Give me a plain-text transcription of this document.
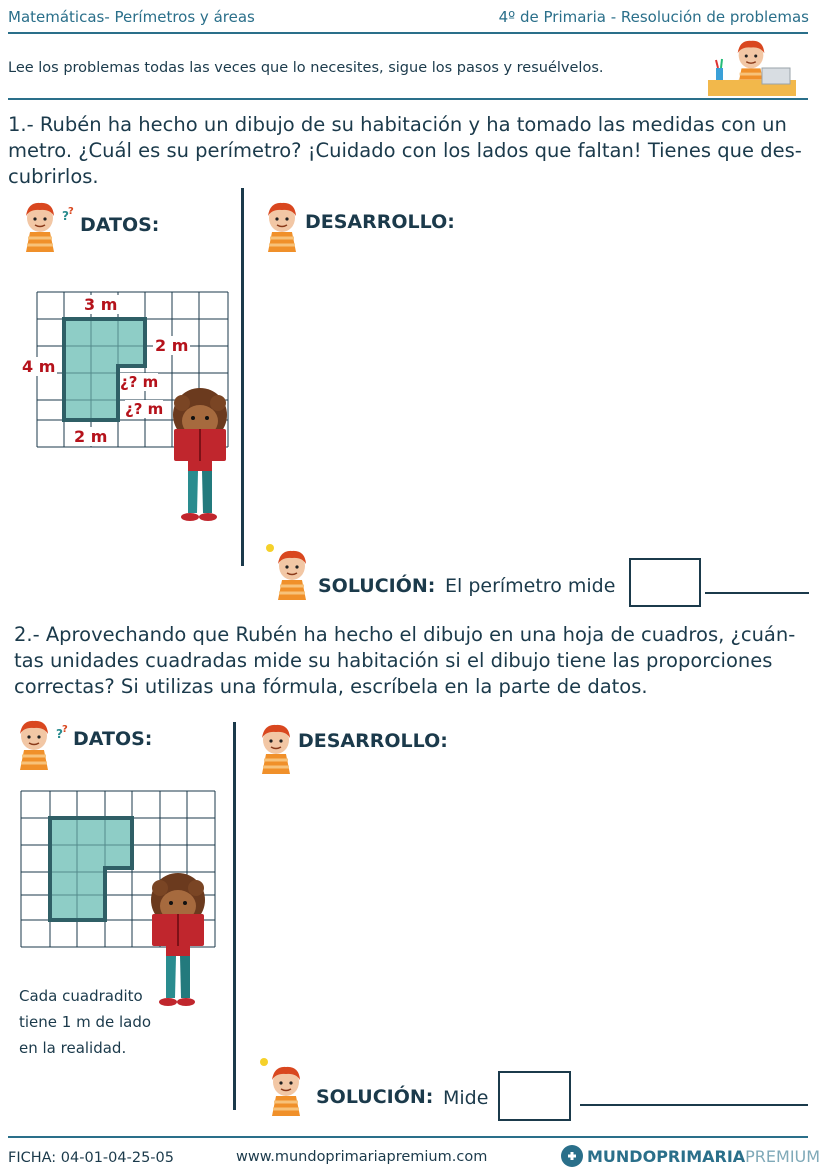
Matemáticas- Perímetros y áreas	4º de Primaria - Resolución de problemas
Lee los problemas todas las veces que lo necesites, sigue los pasos y resuélvelos.
1.- Rubén ha hecho un dibujo de su habitación y ha tomado las medidas con un
metro. ¿Cuál es su perímetro? ¡Cuidado con los lados que faltan! Tienes que des-
cubrirlos.
? ?
DATOS:	DESARROLLO:
3 m
2 m
4 m
¿? m
¿? m
2 m
SOLUCIÓN: El perímetro mide
2.- Aprovechando que Rubén ha hecho el dibujo en una hoja de cuadros, ¿cuán-
tas unidades cuadradas mide su habitación si el dibujo tiene las proporciones
correctas? Si utilizas una fórmula, escríbela en la parte de datos.
? ? DATOS:	DESARROLLO:
Cada cuadradito
tiene 1 m de lado
en la realidad.
SOLUCIÓN: Mide
FICHA: 04-01-04-25-05	www.mundoprimariapremium.com	MUNDOPRIMARIA PREMIUM
